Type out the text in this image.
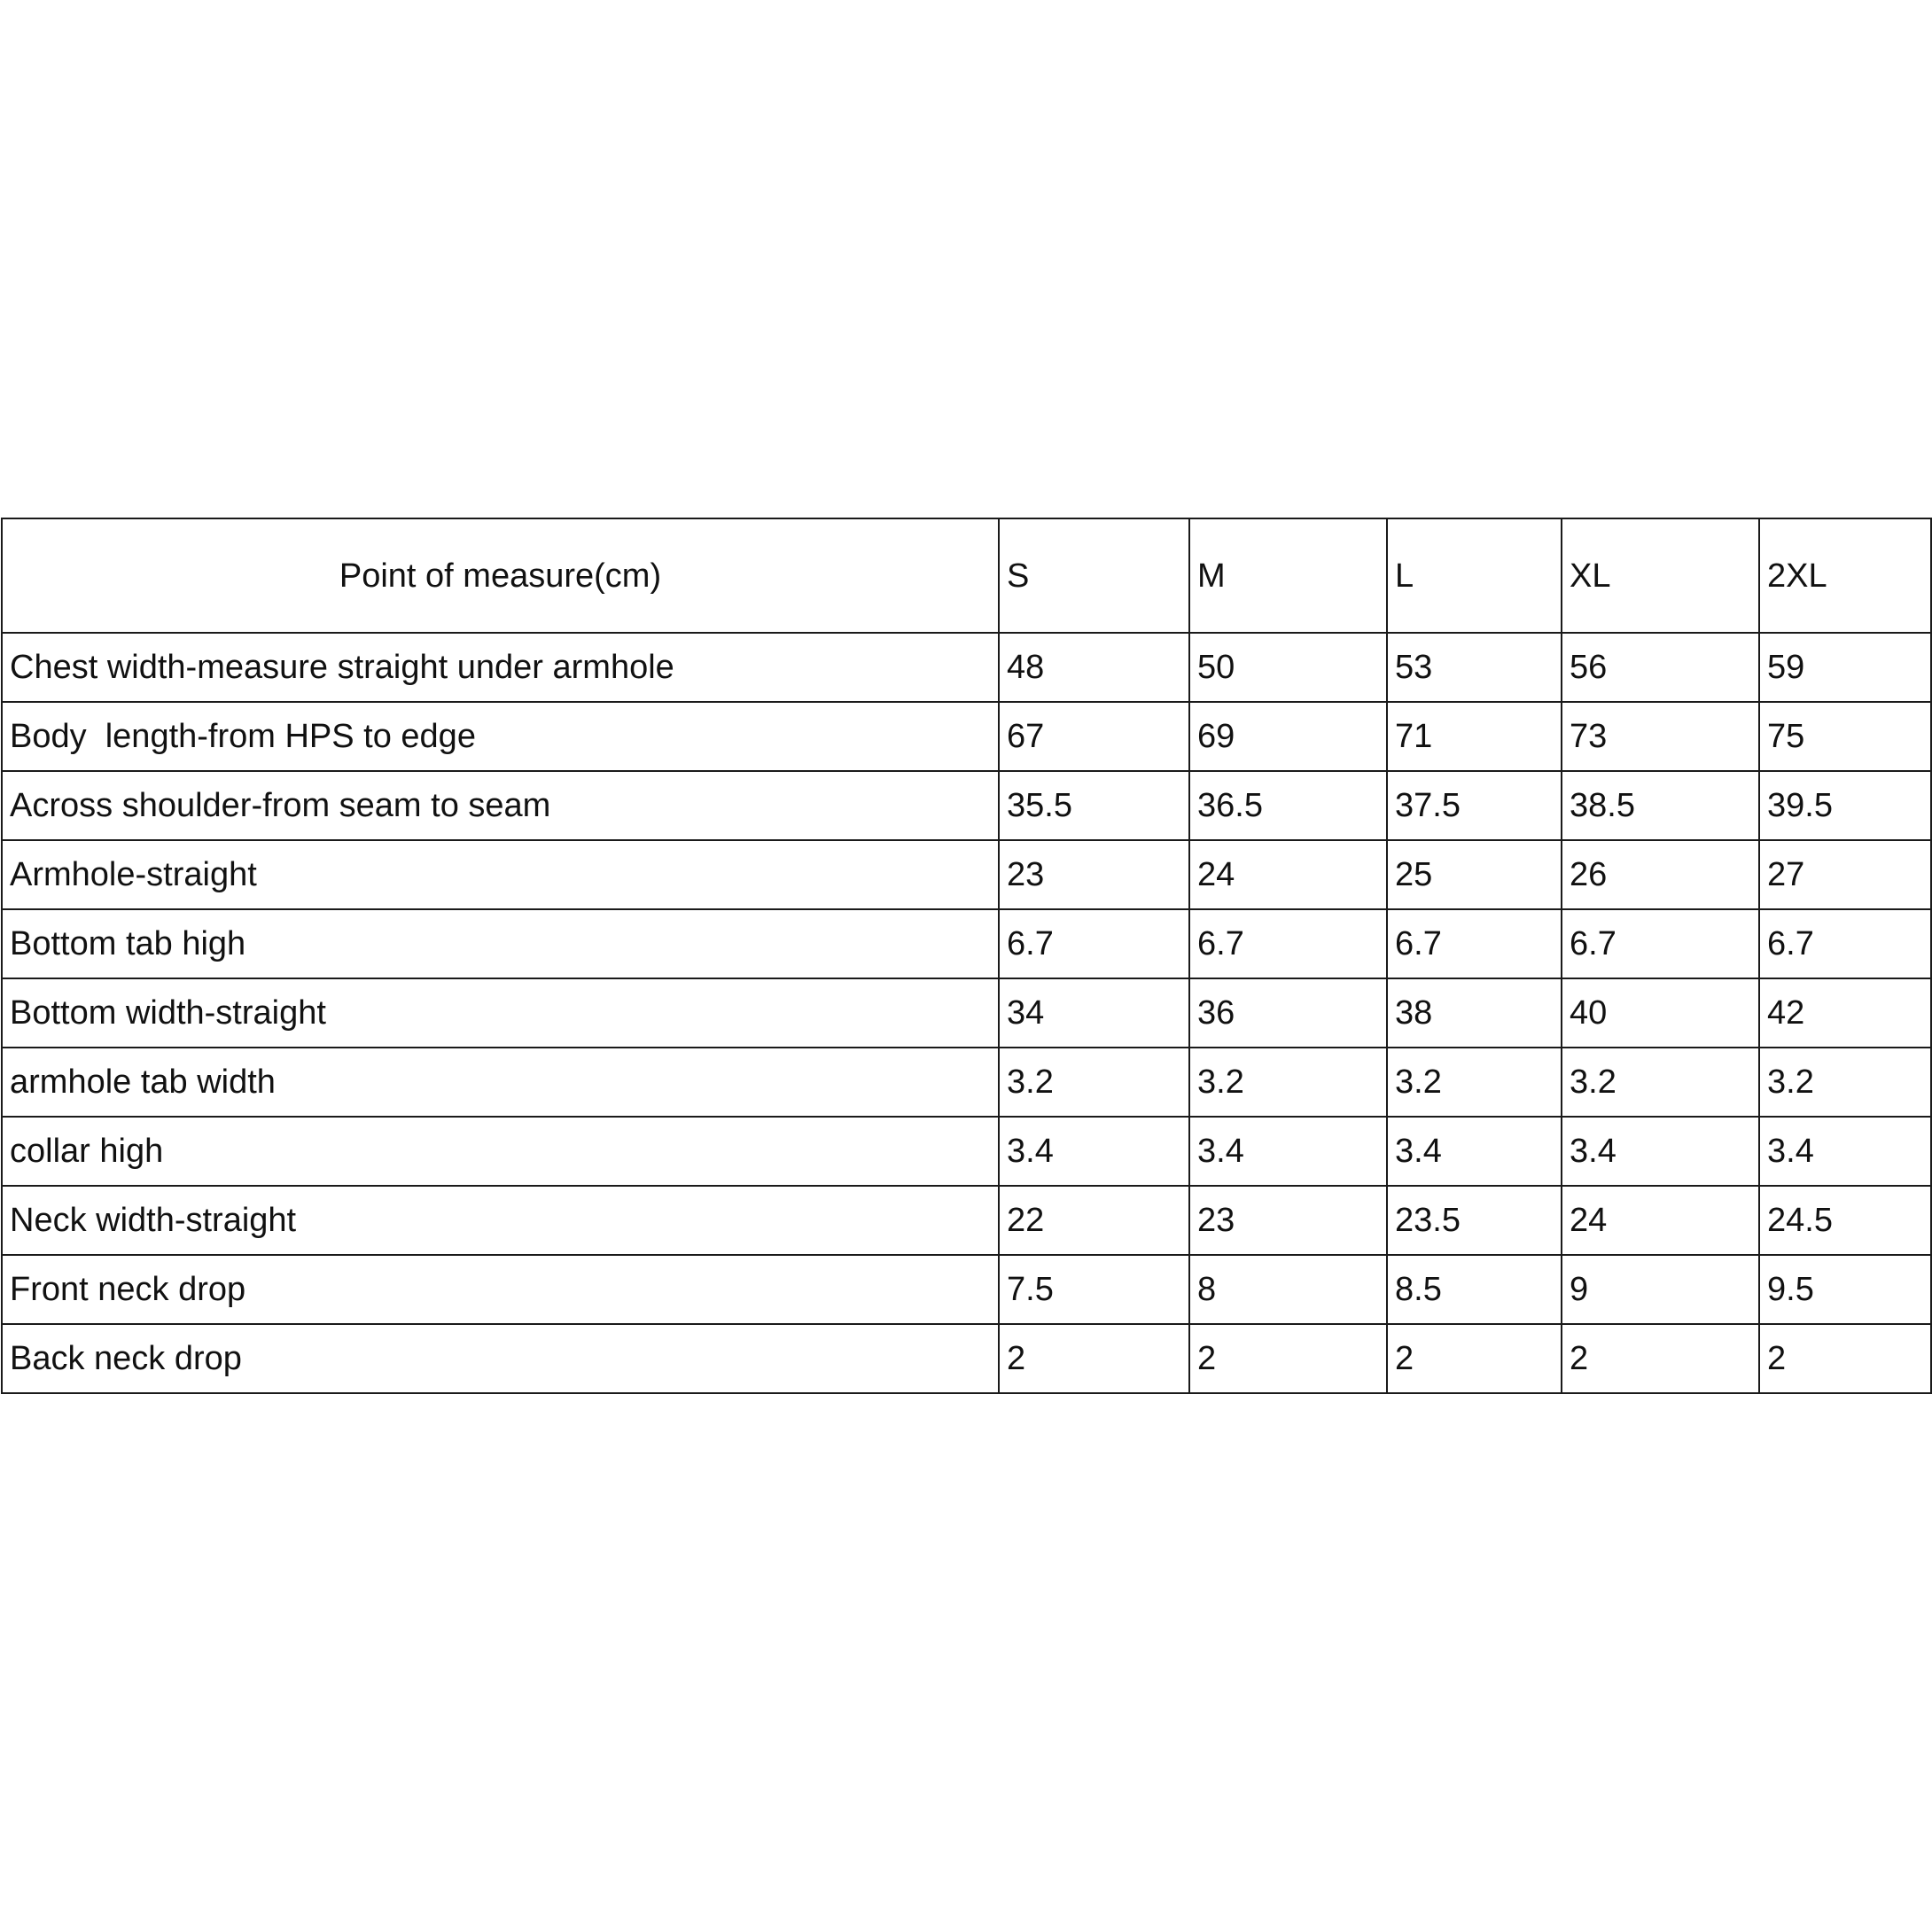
Point of measure(cm)	S	M	L	XL	2XL
Chest width-measure straight under armhole	48	50	53	56	59
Body  length-from HPS to edge	67	69	71	73	75
Across shoulder-from seam to seam	35.5	36.5	37.5	38.5	39.5
Armhole-straight	23	24	25	26	27
Bottom tab high	6.7	6.7	6.7	6.7	6.7
Bottom width-straight	34	36	38	40	42
armhole tab width	3.2	3.2	3.2	3.2	3.2
collar high	3.4	3.4	3.4	3.4	3.4
Neck width-straight	22	23	23.5	24	24.5
Front neck drop	7.5	8	8.5	9	9.5
Back neck drop	2	2	2	2	2
